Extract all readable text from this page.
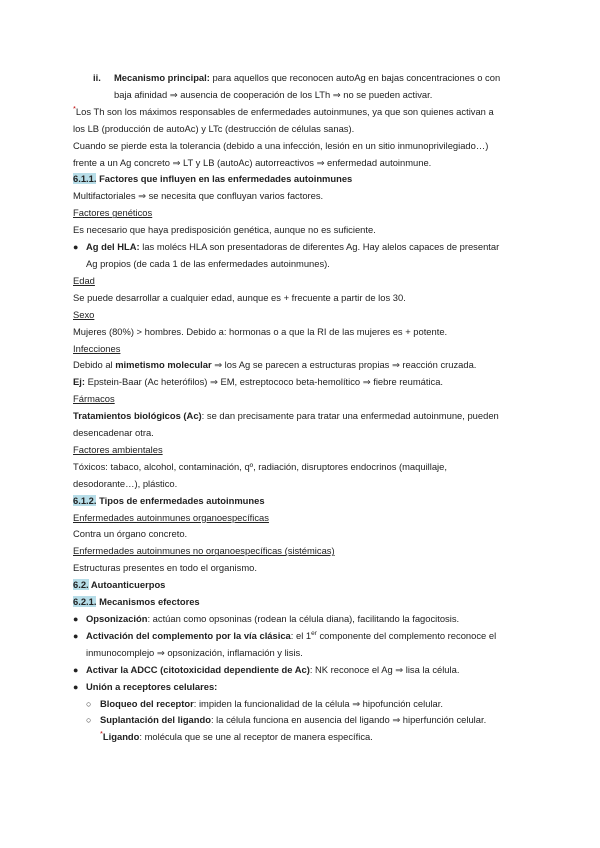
ii.	Mecanismo principal: para aquellos que reconocen autoAg en bajas concentraciones o con
baja afinidad ⇒ ausencia de cooperación de los LTh ⇒ no se pueden activar.
*Los Th son los máximos responsables de enfermedades autoinmunes, ya que son quienes activan a
los LB (producción de autoAc) y LTc (destrucción de células sanas).
Cuando se pierde esta la tolerancia (debido a una infección, lesión en un sitio inmunoprivilegiado…)
frente a un Ag concreto ⇒ LT y LB (autoAc) autorreactivos ⇒ enfermedad autoinmune.
6.1.1. Factores que influyen en las enfermedades autoinmunes
Multifactoriales ⇒ se necesita que confluyan varios factores.
Factores genéticos
Es necesario que haya predisposición genética, aunque no es suficiente.
● Ag del HLA: las molécs HLA son presentadoras de diferentes Ag. Hay alelos capaces de presentar
Ag propios (de cada 1 de las enfermedades autoinmunes).
Edad
Se puede desarrollar a cualquier edad, aunque es + frecuente a partir de los 30.
Sexo
Mujeres (80%) > hombres. Debido a: hormonas o a que la RI de las mujeres es + potente.
Infecciones
Debido al mimetismo molecular ⇒ los Ag se parecen a estructuras propias ⇒ reacción cruzada.
Ej: Epstein-Baar (Ac heterófilos) ⇒ EM, estreptococo beta-hemolítico ⇒ fiebre reumática.
Fármacos
Tratamientos biológicos (Ac): se dan precisamente para tratar una enfermedad autoinmune, pueden
desencadenar otra.
Factores ambientales
Tóxicos: tabaco, alcohol, contaminación, qº, radiación, disruptores endocrinos (maquillaje,
desodorante…), plástico.
6.1.2. Tipos de enfermedades autoinmunes
Enfermedades autoinmunes organoespecíficas
Contra un órgano concreto.
Enfermedades autoinmunes no organoespecíficas (sistémicas)
Estructuras presentes en todo el organismo.
6.2. Autoanticuerpos
6.2.1. Mecanismos efectores
● Opsonización: actúan como opsoninas (rodean la célula diana), facilitando la fagocitosis.
● Activación del complemento por la vía clásica: el 1er componente del complemento reconoce el
inmunocomplejo ⇒ opsonización, inflamación y lisis.
● Activar la ADCC (citotoxicidad dependiente de Ac): NK reconoce el Ag ⇒ lisa la célula.
● Unión a receptores celulares:
○ Bloqueo del receptor: impiden la funcionalidad de la célula ⇒ hipofunción celular.
○ Suplantación del ligando: la célula funciona en ausencia del ligando ⇒ hiperfunción celular.
*Ligando: molécula que se une al receptor de manera específica.
